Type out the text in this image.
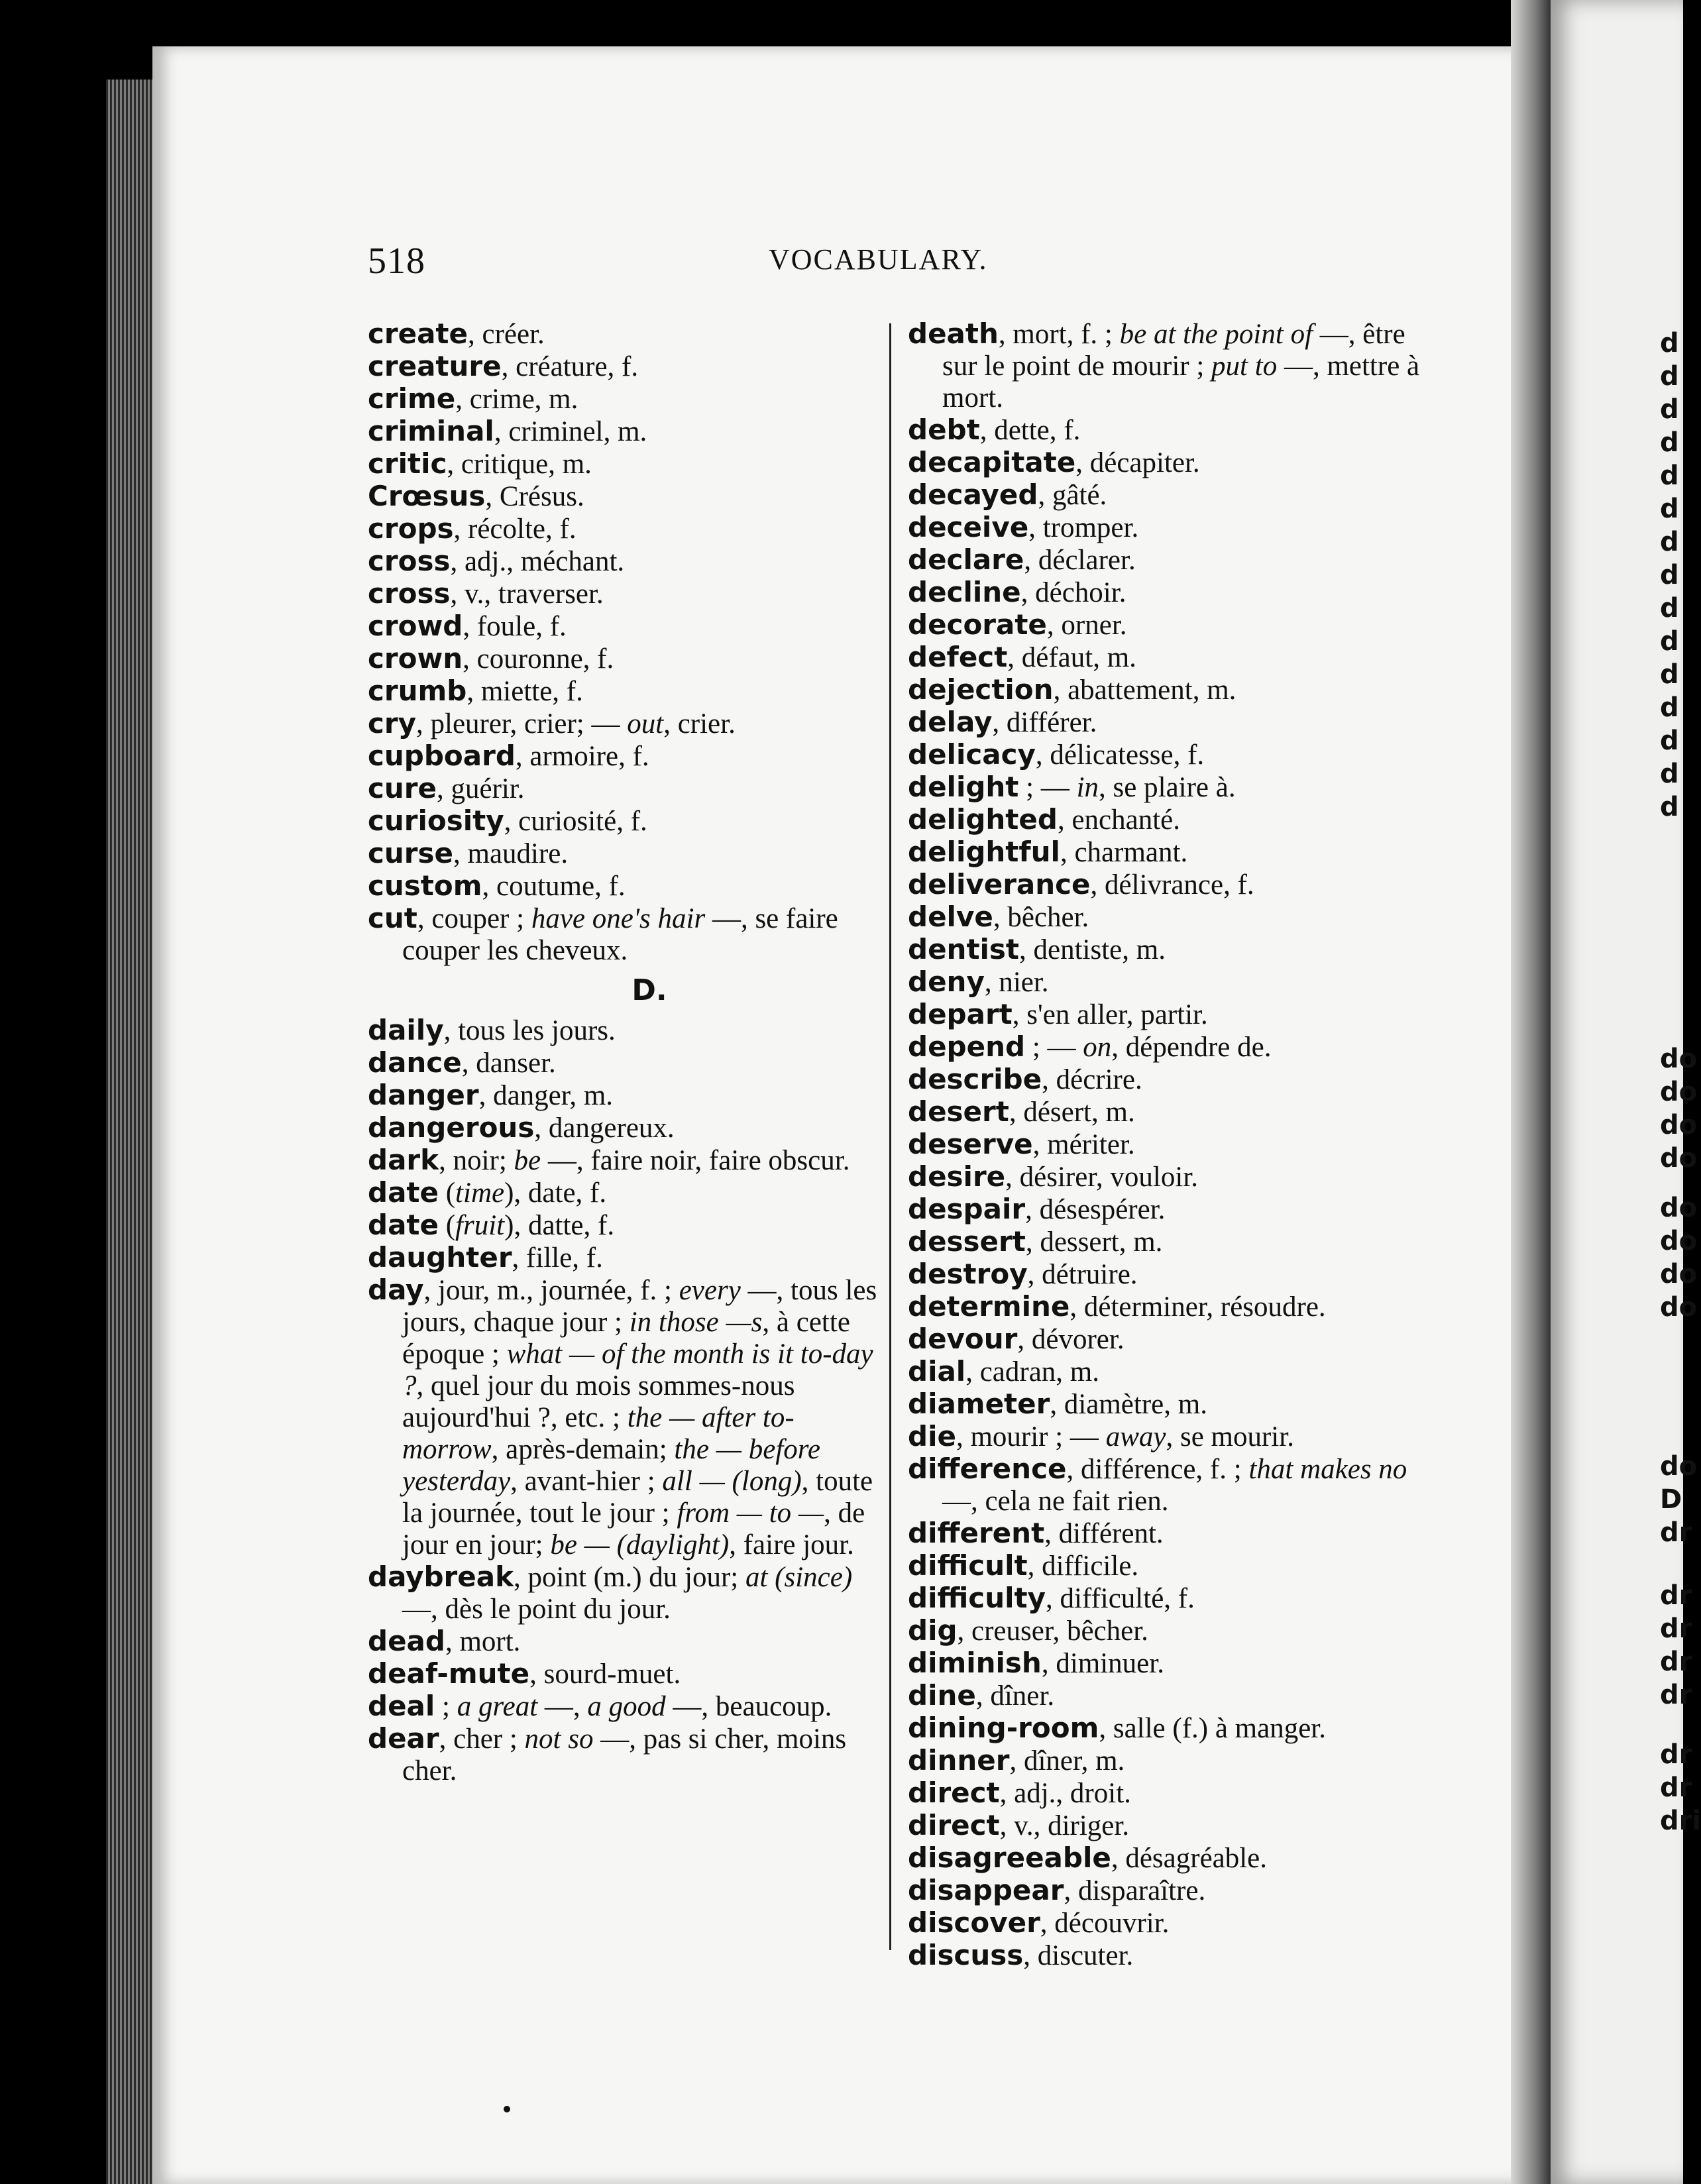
518	VOCABULARY.

create, créer.

creature, créature, f.

crime, crime, m.

criminal, criminel, m.

critic, critique, m.

Crœsus, Crésus.

crops, récolte, f.

cross, adj., méchant.

cross, v., traverser.

crowd, foule, f.

crown, couronne, f.

crumb, miette, f.

cry, pleurer, crier; — out, crier.

cupboard, armoire, f.

cure, guérir.

curiosity, curiosité, f.

curse, maudire.

custom, coutume, f.

cut, couper ; have one's hair —, se faire couper les cheveux.

D.

daily, tous les jours.

dance, danser.

danger, danger, m.

dangerous, dangereux.

dark, noir; be —, faire noir, faire obscur.

date (time), date, f.

date (fruit), datte, f.

daughter, fille, f.

day, jour, m., journée, f. ; every —, tous les jours, chaque jour ; in those —s, à cette époque ; what — of the month is it to-day ?, quel jour du mois sommes-nous aujourd'hui ?, etc. ; the — after to-morrow, après-demain; the — before yesterday, avant-hier ; all — (long), toute la journée, tout le jour ; from — to —, de jour en jour; be — (daylight), faire jour.

daybreak, point (m.) du jour; at (since) —, dès le point du jour.

dead, mort.

deaf-mute, sourd-muet.

deal ; a great —, a good —, beaucoup.

dear, cher ; not so —, pas si cher, moins cher.

death, mort, f. ; be at the point of —, être sur le point de mourir ; put to —, mettre à mort.

debt, dette, f.

decapitate, décapiter.

decayed, gâté.

deceive, tromper.

declare, déclarer.

decline, déchoir.

decorate, orner.

defect, défaut, m.

dejection, abattement, m.

delay, différer.

delicacy, délicatesse, f.

delight ; — in, se plaire à.

delighted, enchanté.

delightful, charmant.

deliverance, délivrance, f.

delve, bêcher.

dentist, dentiste, m.

deny, nier.

depart, s'en aller, partir.

depend ; — on, dépendre de.

describe, décrire.

desert, désert, m.

deserve, mériter.

desire, désirer, vouloir.

despair, désespérer.

dessert, dessert, m.

destroy, détruire.

determine, déterminer, résoudre.

devour, dévorer.

dial, cadran, m.

diameter, diamètre, m.

die, mourir ; — away, se mourir.

difference, différence, f. ; that makes no —, cela ne fait rien.

different, différent.

difficult, difficile.

difficulty, difficulté, f.

dig, creuser, bêcher.

diminish, diminuer.

dine, dîner.

dining-room, salle (f.) à manger.

dinner, dîner, m.

direct, adj., droit.

direct, v., diriger.

disagreeable, désagréable.

disappear, disparaître.

discover, découvrir.

discuss, discuter.

d
d
d
d
d
d
d
d
d
d
d
d
d
d
d
do
do
do
do
do
do
do
do
do
D
dr
dr
dr
dr
dr
dr
dr
dri
